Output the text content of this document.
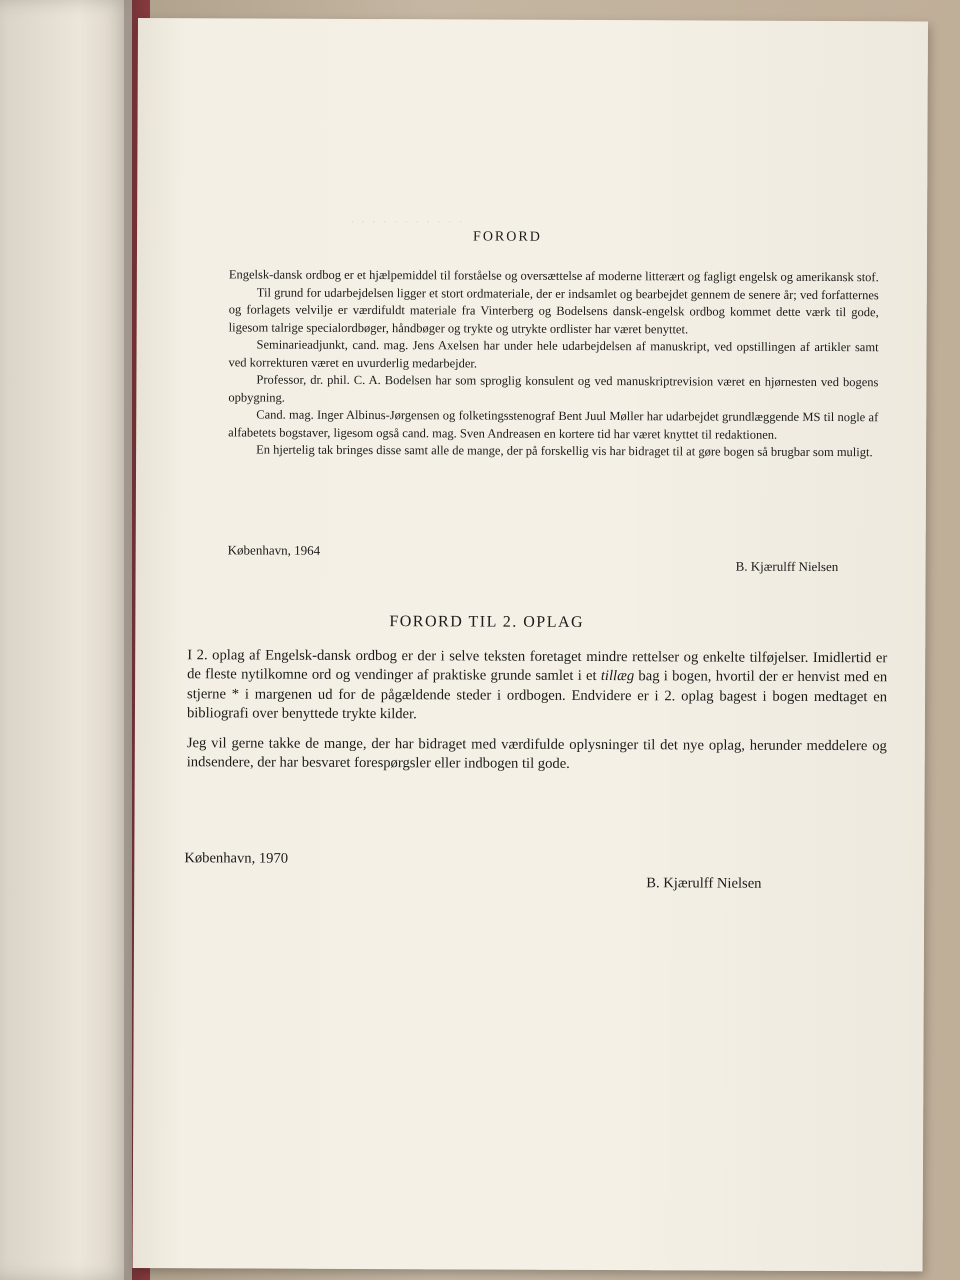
·  ·  ·  ·  ·  ·  ·  ·  ·  ·  ·
FORORD

Engelsk-dansk ordbog er et hjælpemiddel til forståelse og oversættelse af moderne litterært og fagligt engelsk og amerikansk stof.

Til grund for udarbejdelsen ligger et stort ordmateriale, der er indsamlet og bearbejdet gennem de senere år; ved forfatternes og forlagets velvilje er værdifuldt materiale fra Vinterberg og Bodelsens dansk-engelsk ordbog kommet dette værk til gode, ligesom talrige specialordbøger, håndbøger og trykte og utrykte ordlister har været benyttet.

Seminarieadjunkt, cand. mag. Jens Axelsen har under hele udarbejdelsen af manuskript, ved opstillingen af artikler samt ved korrekturen været en uvurderlig medarbejder.

Professor, dr. phil. C. A. Bodelsen har som sproglig konsulent og ved manuskriptrevision været en hjørnesten ved bogens opbygning.

Cand. mag. Inger Albinus-Jørgensen og folketingsstenograf Bent Juul Møller har udarbejdet grundlæggende MS til nogle af alfabetets bogstaver, ligesom også cand. mag. Sven Andreasen en kortere tid har været knyttet til redaktionen.

En hjertelig tak bringes disse samt alle de mange, der på forskellig vis har bidraget til at gøre bogen så brugbar som muligt.

København, 1964
B. Kjærulff Nielsen
FORORD TIL 2. OPLAG

I 2. oplag af Engelsk-dansk ordbog er der i selve teksten foretaget mindre rettelser og enkelte tilføjelser. Imidlertid er de fleste nytilkomne ord og vendinger af praktiske grunde samlet i et tillæg bag i bogen, hvortil der er henvist med en stjerne * i margenen ud for de pågældende steder i ordbogen. Endvidere er i 2. oplag bagest i bogen medtaget en bibliografi over benyttede trykte kilder.

Jeg vil gerne takke de mange, der har bidraget med værdifulde oplysninger til det nye oplag, herunder meddelere og indsendere, der har besvaret forespørgsler eller indbogen til gode.

København, 1970
B. Kjærulff Nielsen
